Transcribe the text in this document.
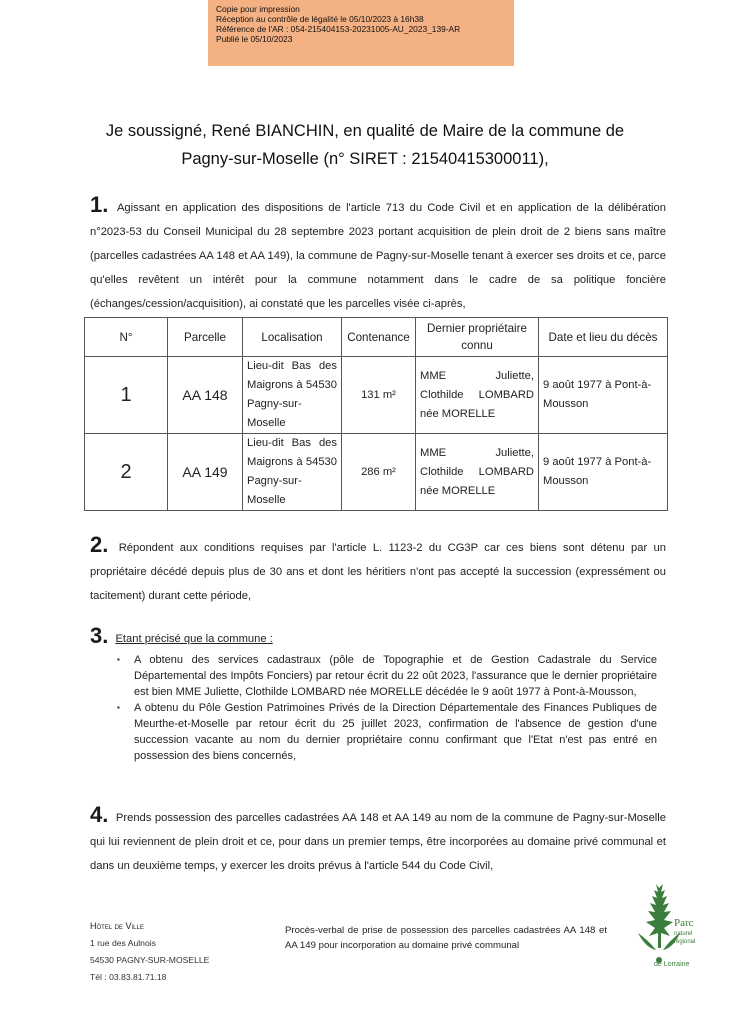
Copie pour impression
Réception au contrôle de légalité le 05/10/2023 à 16h38
Référence de l'AR : 054-215404153-20231005-AU_2023_139-AR
Publié le 05/10/2023
Je soussigné, René BIANCHIN, en qualité de Maire de la commune de
Pagny-sur-Moselle (n° SIRET : 21540415300011),
1. Agissant en application des dispositions de l'article 713 du Code Civil et en application de la délibération n°2023-53 du Conseil Municipal du 28 septembre 2023 portant acquisition de plein droit de 2 biens sans maître (parcelles cadastrées AA 148 et AA 149), la commune de Pagny-sur-Moselle tenant à exercer ses droits et ce, parce qu'elles revêtent un intérêt pour la commune notamment dans le cadre de sa politique foncière (échanges/cession/acquisition), ai constaté que les parcelles visée ci-après,
N°	Parcelle	Localisation	Contenance	Dernier propriétaire connu	Date et lieu du décès
1	AA 148	Lieu-dit Bas des Maigrons à 54530 Pagny-sur-Moselle	131 m²	MME Juliette, Clothilde LOMBARD née MORELLE	9 août 1977 à Pont-à-Mousson
2	AA 149	Lieu-dit Bas des Maigrons à 54530 Pagny-sur-Moselle	286 m²	MME Juliette, Clothilde LOMBARD née MORELLE	9 août 1977 à Pont-à-Mousson
2. Répondent aux conditions requises par l'article L. 1123-2 du CG3P car ces biens sont détenu par un propriétaire décédé depuis plus de 30 ans et dont les héritiers n'ont pas accepté la succession (expressément ou tacitement) durant cette période,
3. Etant précisé que la commune :
▪ A obtenu des services cadastraux (pôle de Topographie et de Gestion Cadastrale du Service Départemental des Impôts Fonciers) par retour écrit du 22 oût 2023, l'assurance que le dernier propriétaire est bien MME Juliette, Clothilde LOMBARD née MORELLE décédée le 9 août 1977 à Pont-à-Mousson,
▪ A obtenu du Pôle Gestion Patrimoines Privés de la Direction Départementale des Finances Publiques de Meurthe-et-Moselle par retour écrit du 25 juillet 2023, confirmation de l'absence de gestion d'une succession vacante au nom du dernier propriétaire connu confirmant que l'Etat n'est pas entré en possession des biens concernés,
4. Prends possession des parcelles cadastrées AA 148 et AA 149 au nom de la commune de Pagny-sur-Moselle qui lui reviennent de plein droit et ce, pour dans un premier temps, être incorporées au domaine privé communal et dans un deuxième temps, y exercer les droits prévus à l'article 544 du Code Civil,
Hôtel de Ville
1 rue des Aulnois
54530 PAGNY-SUR-MOSELLE
Tél : 03.83.81.71.18
Procès-verbal de prise de possession des parcelles cadastrées AA 148 et AA 149 pour incorporation au domaine privé communal
Parc
naturel
régional
de Lorraine
